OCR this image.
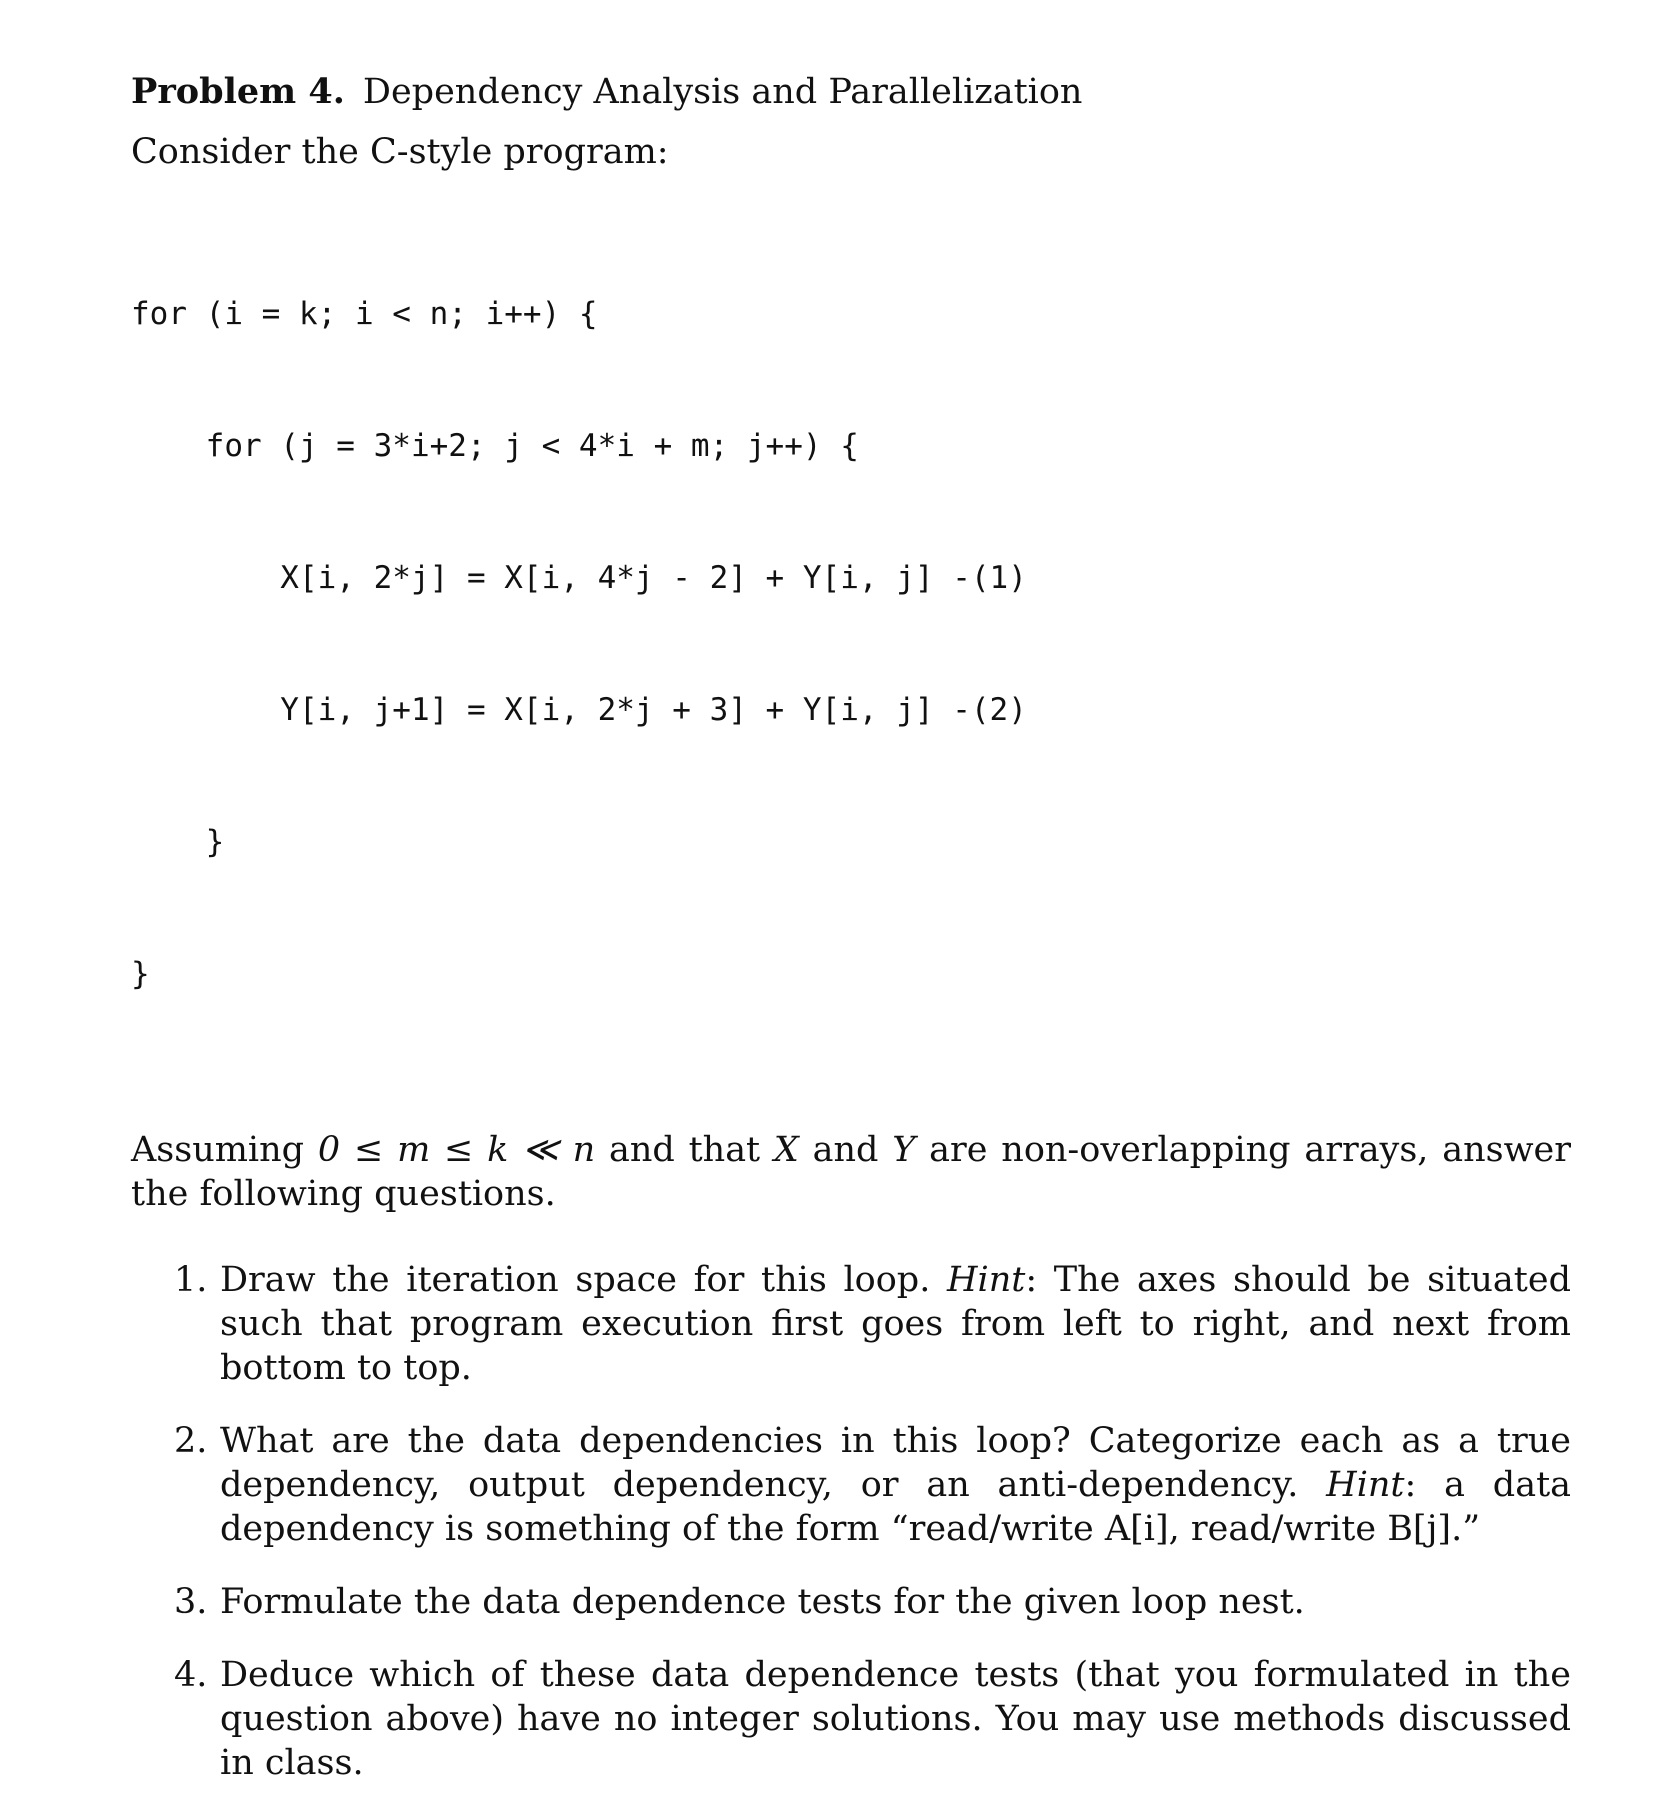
Problem 4. Dependency Analysis and Parallelization

Consider the C-style program:

for (i = k; i < n; i++) {

for (j = 3*i+2; j < 4*i + m; j++) {

X[i, 2*j] = X[i, 4*j - 2] + Y[i, j] -(1)

Y[i, j+1] = X[i, 2*j + 3] + Y[i, j] -(2)

}

}

Assuming 0 ≤ m ≤ k ≪ n and that X and Y are non-overlapping arrays, answer the following questions.

1. Draw the iteration space for this loop. Hint: The axes should be situated such that program execution first goes from left to right, and next from bottom to top.
2. What are the data dependencies in this loop? Categorize each as a true dependency, output dependency, or an anti-dependency. Hint: a data dependency is something of the form “read/write A[i], read/write B[j].”
3. Formulate the data dependence tests for the given loop nest.
4. Deduce which of these data dependence tests (that you formulated in the question above) have no integer solutions. You may use methods discussed in class.
